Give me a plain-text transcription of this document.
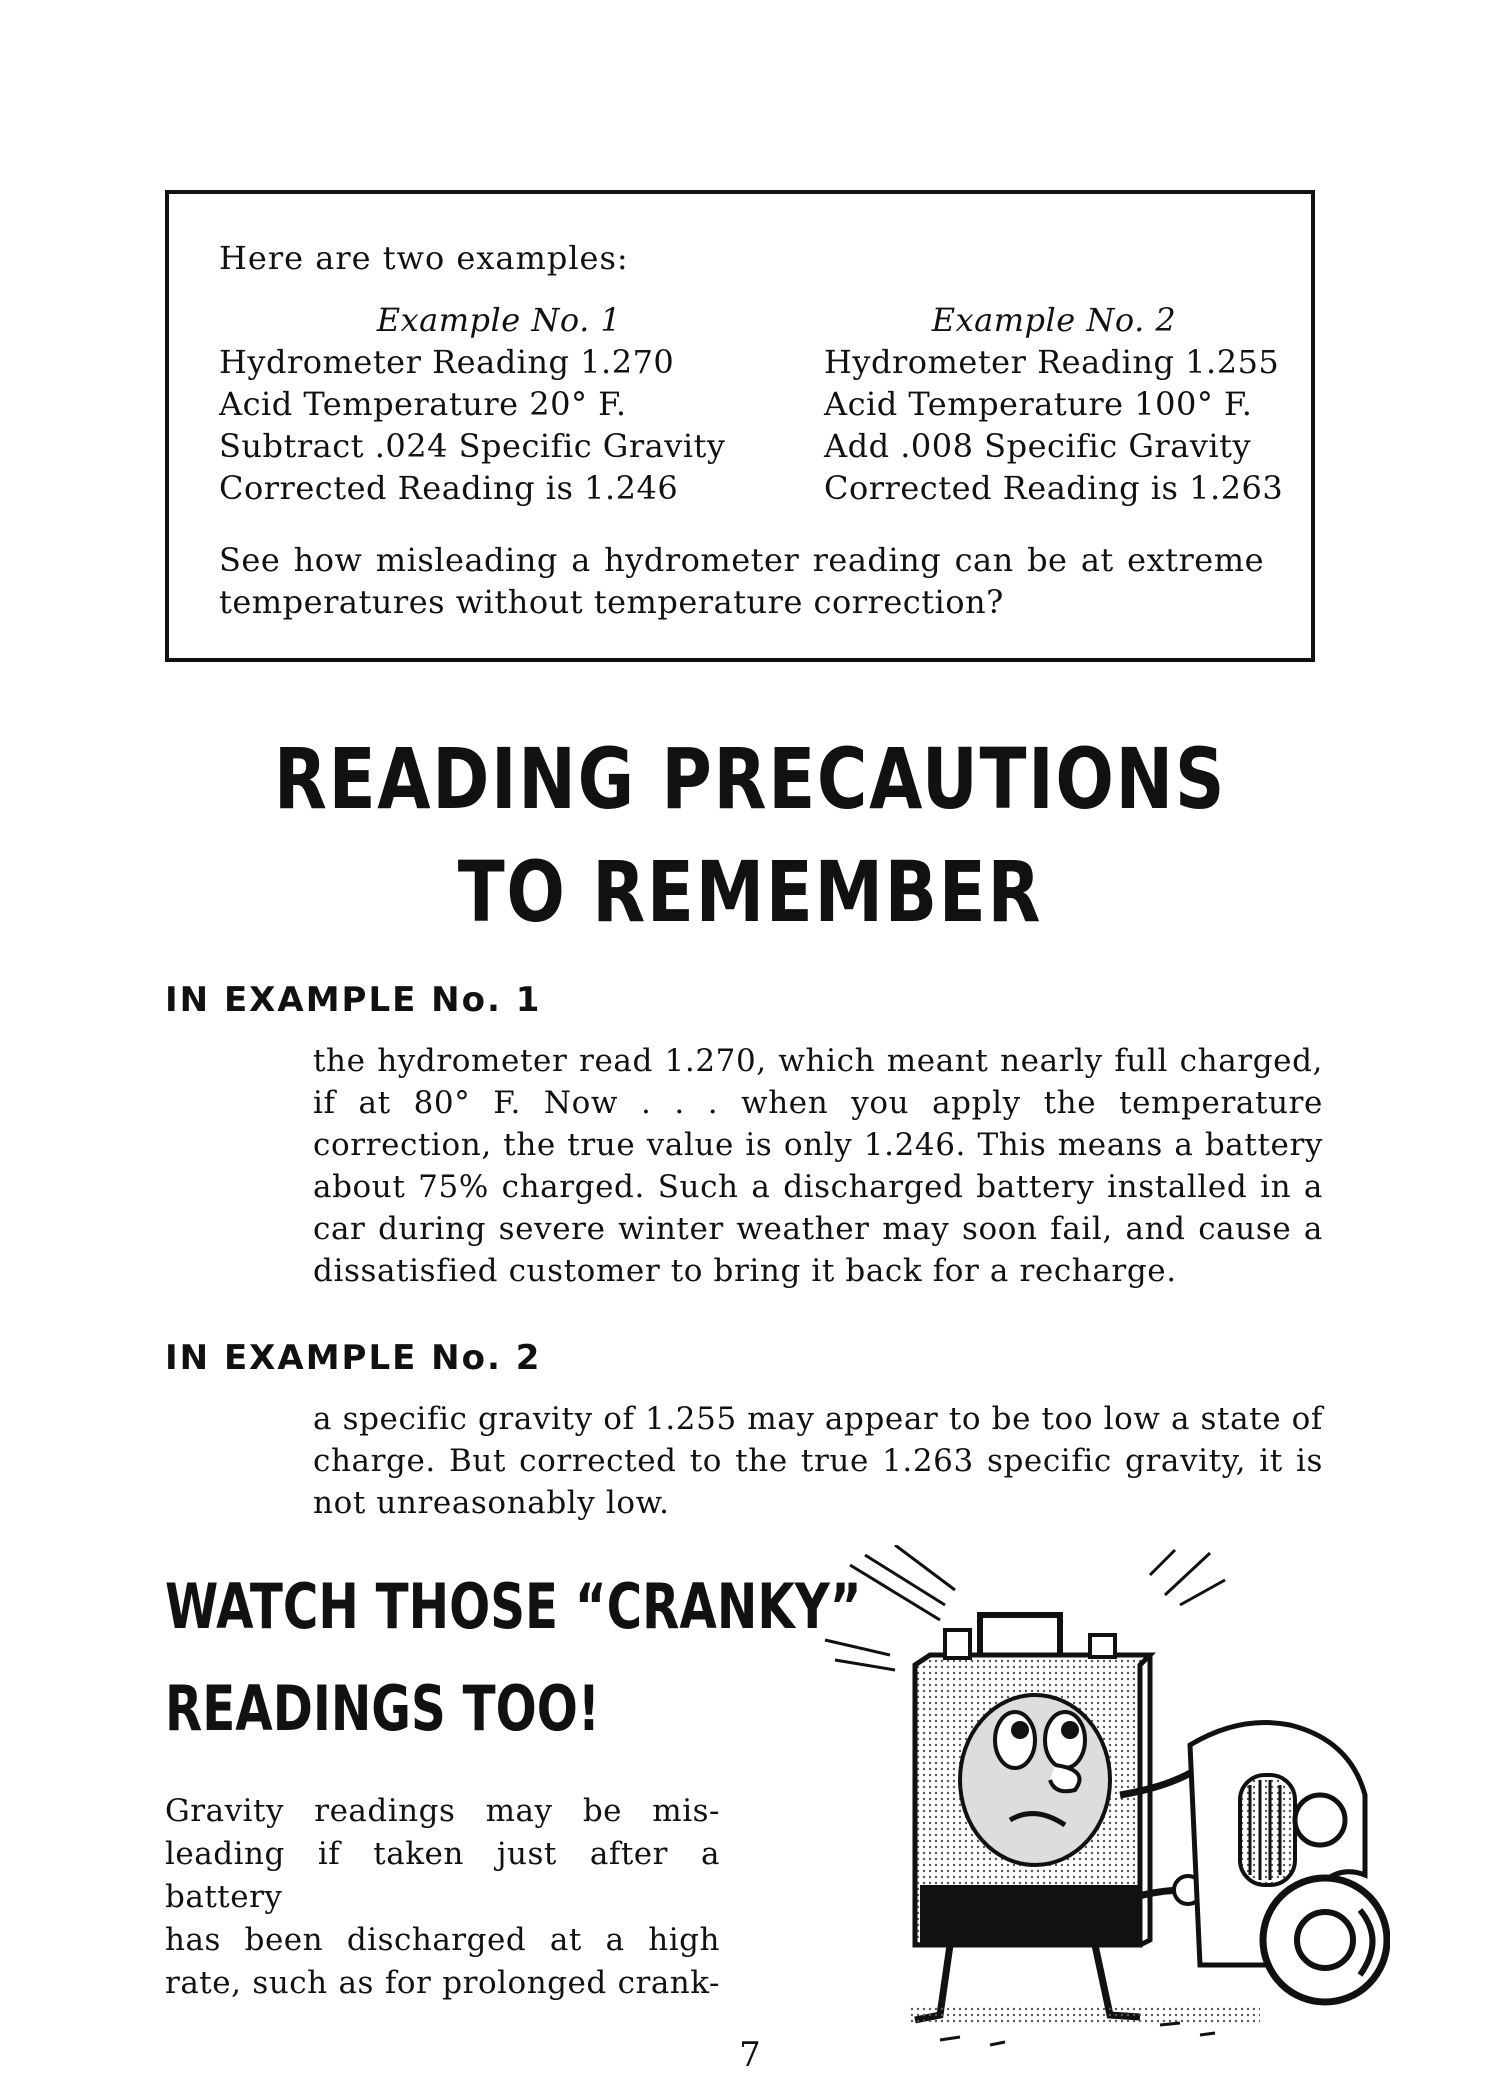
Here are two examples:
Example No. 1
Hydrometer Reading 1.270
Acid Temperature 20° F.
Subtract .024 Specific Gravity
Corrected Reading is 1.246
Example No. 2
Hydrometer Reading 1.255
Acid Temperature 100° F.
Add .008 Specific Gravity
Corrected Reading is 1.263
See how misleading a hydrometer reading can be at extreme temperatures without temperature correction?
READING PRECAUTIONS
TO REMEMBER
IN EXAMPLE No. 1
the hydrometer read 1.270, which meant nearly full charged, if at 80° F. Now . . . when you apply the temperature correction, the true value is only 1.246. This means a battery about 75% charged. Such a discharged battery installed in a car during severe winter weather may soon fail, and cause a dissatisfied customer to bring it back for a recharge.
IN EXAMPLE No. 2
a specific gravity of 1.255 may appear to be too low a state of charge. But corrected to the true 1.263 specific gravity, it is not unreasonably low.
WATCH THOSE “CRANKY”
READINGS TOO!
Gravity readings may be mis-
leading if taken just after a battery
has been discharged at a high
rate, such as for prolonged crank-
7
